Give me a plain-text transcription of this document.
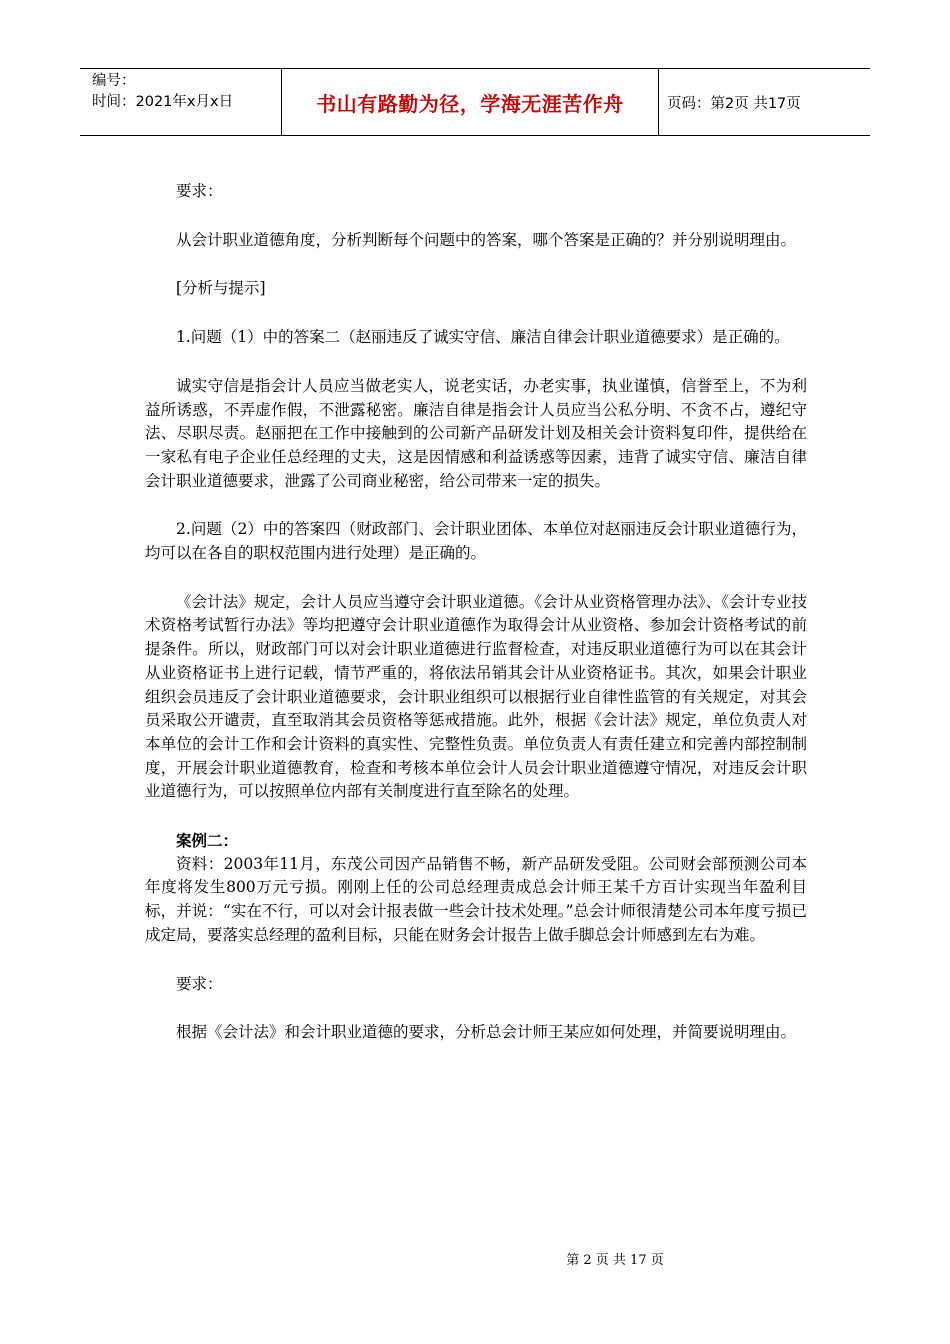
编号：
时间：2021年x月x日	书山有路勤为径，学海无涯苦作舟	页码：第2页 共17页

要求：

从会计职业道德角度，分析判断每个问题中的答案，哪个答案是正确的？并分别说明理由。

[分析与提示]

1.问题（1）中的答案二（赵丽违反了诚实守信、廉洁自律会计职业道德要求）是正确的。

诚实守信是指会计人员应当做老实人，说老实话，办老实事，执业谨慎，信誉至上，不为利益所诱惑，不弄虚作假，不泄露秘密。廉洁自律是指会计人员应当公私分明、不贪不占，遵纪守法、尽职尽责。赵丽把在工作中接触到的公司新产品研发计划及相关会计资料复印件，提供给在一家私有电子企业任总经理的丈夫，这是因情感和利益诱惑等因素，违背了诚实守信、廉洁自律会计职业道德要求，泄露了公司商业秘密，给公司带来一定的损失。

2.问题（2）中的答案四（财政部门、会计职业团体、本单位对赵丽违反会计职业道德行为，均可以在各自的职权范围内进行处理）是正确的。

《会计法》规定，会计人员应当遵守会计职业道德。《会计从业资格管理办法》、《会计专业技术资格考试暂行办法》等均把遵守会计职业道德作为取得会计从业资格、参加会计资格考试的前提条件。所以，财政部门可以对会计职业道德进行监督检查，对违反职业道德行为可以在其会计从业资格证书上进行记载，情节严重的，将依法吊销其会计从业资格证书。其次，如果会计职业组织会员违反了会计职业道德要求，会计职业组织可以根据行业自律性监管的有关规定，对其会员采取公开谴责，直至取消其会员资格等惩戒措施。此外，根据《会计法》规定，单位负责人对本单位的会计工作和会计资料的真实性、完整性负责。单位负责人有责任建立和完善内部控制制度，开展会计职业道德教育，检查和考核本单位会计人员会计职业道德遵守情况，对违反会计职业道德行为，可以按照单位内部有关制度进行直至除名的处理。

案例二：

资料：2003年11月，东茂公司因产品销售不畅，新产品研发受阻。公司财会部预测公司本年度将发生800万元亏损。刚刚上任的公司总经理责成总会计师王某千方百计实现当年盈利目标，并说：“实在不行，可以对会计报表做一些会计技术处理。”总会计师很清楚公司本年度亏损已成定局，要落实总经理的盈利目标，只能在财务会计报告上做手脚总会计师感到左右为难。

要求：

根据《会计法》和会计职业道德的要求，分析总会计师王某应如何处理，并简要说明理由。

第 2 页 共 17 页
